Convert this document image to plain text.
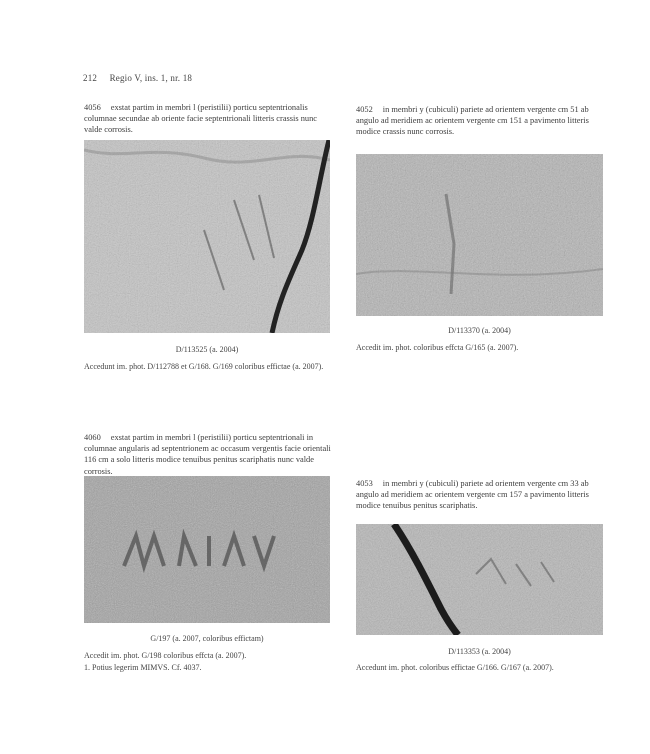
212 Regio V, ins. 1, nr. 18
4056 exstat partim in membri l (peristilii) porticu septentrionalis columnae secundae ab oriente facie septentrionali litteris crassis nunc valde corrosis.
D/113525 (a. 2004)
Accedunt im. phot. D/112788 et G/168. G/169 coloribus effictae (a. 2007).
4052 in membri y (cubiculi) pariete ad orientem vergente cm 51 ab angulo ad meridiem ac orientem vergente cm 151 a pavimento litteris modice crassis nunc corrosis.
D/113370 (a. 2004)
Accedit im. phot. coloribus effcta G/165 (a. 2007).
4060 exstat partim in membri l (peristilii) porticu septentrionali in columnae angularis ad septentrionem ac occasum vergentis facie orientali 116 cm a solo litteris modice tenuibus penitus scariphatis nunc valde corrosis.
G/197 (a. 2007, coloribus effictam)
Accedit im. phot. G/198 coloribus effcta (a. 2007).
1. Potius legerim MIMVS. Cf. 4037.
4053 in membri y (cubiculi) pariete ad orientem vergente cm 33 ab angulo ad meridiem ac orientem vergente cm 157 a pavimento litteris modice tenuibus penitus scariphatis.
D/113353 (a. 2004)
Accedunt im. phot. coloribus effictae G/166. G/167 (a. 2007).
